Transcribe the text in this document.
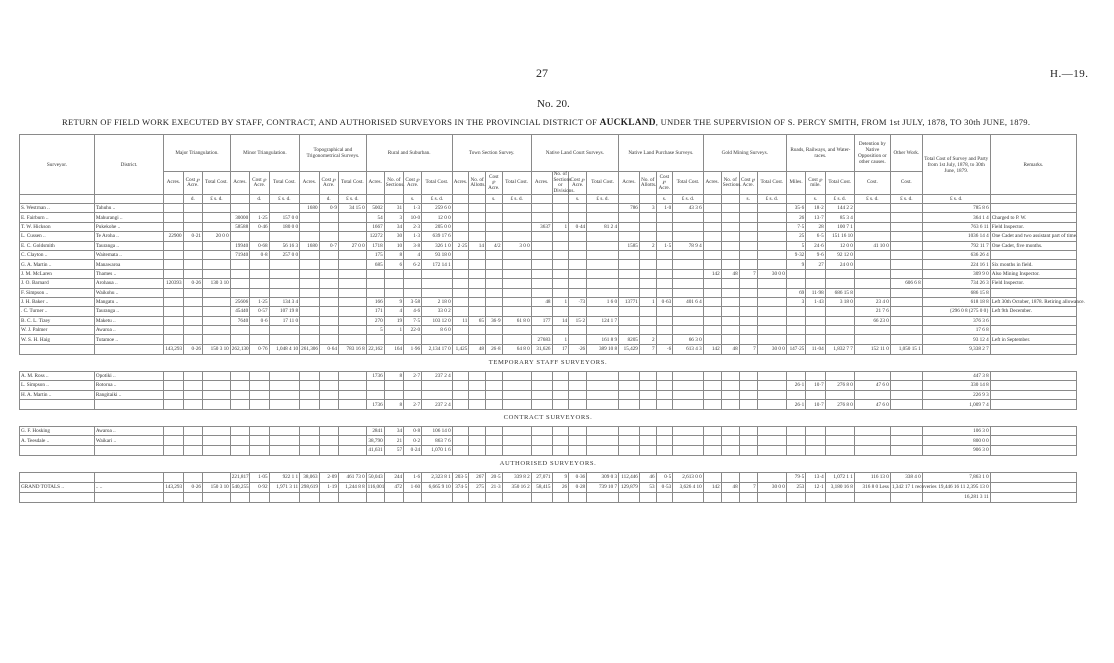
27	H.—19.
No. 20.
RETURN OF FIELD WORK EXECUTED BY STAFF, CONTRACT, AND AUTHORISED SURVEYORS IN THE PROVINCIAL DISTRICT OF AUCKLAND, UNDER THE SUPERVISION OF S. PERCY SMITH, FROM 1st JULY, 1878, TO 30th JUNE, 1879.
Surveyor.	District.	Major Triangulation.			Minor Triangulation.			Topographical and Trigonometrical Surveys.			Rural and Suburban.				Town Section Survey.				Native Land Court Surveys.				Native Land Purchase Surveys.				Gold Mining Surveys.				Roads, Railways, and Water-races.			Detention by Native Opposition or other causes.	Other Work.	Total Cost of Survey and Party from 1st July, 1878, to 30th June, 1879.	Remarks.
		Acres.	Cost ℘ Acre.	Total Cost.	Acres.	Cost ℘ Acre.	Total Cost.	Acres.	Cost ℘ Acre.	Total Cost.	Acres.	No. of Sections.	Cost ℘ Acre.	Total Cost.	Acres.	No. of Allotts.	Cost ℘ Acre.	Total Cost.	Acres.	No. of Sections or Divisions.	Cost ℘ Acre.	Total Cost.	Acres.	No. of Allotts.	Cost ℘ Acre.	Total Cost.	Acres.	No. of Sections.	Cost ℘ Acre.	Total Cost.	Miles.	Cost ℘ mile.	Total Cost.	Cost.	Cost.		
			d.	£ s. d.		d.	£ s. d.		d.	£ s. d.			s.	£ s. d.			s.	£ s. d.			s.	£ s. d.			s.	£ s. d.			s.	£ s. d.		s.	£ s. d.	£ s. d.	£ s. d.	£ s. d.	
S. Westrnan ..	Tahuhu ..							1680	0·9	34 15 0	5002	31	1·3	259 6 0									786	3	1·0	43 3 6					35·6	18·2	144 2 2			785 8 6	
E. Fairburn ..	Mahurangi ..				30000	1·25	157 0 0				54	3	10·0	12 0 0																	26	13·7	85 3 4			364 1 4	Charged to P. W.
T. W. Hickson	Pukekohe ..				58588	0·46	180 0 0				1667	34	2·3	205 0 0					3637	1	0·44	81 2 4									7·5	28	100 7 1			763 6 11	Field Inspector.
L. Cussen ..	Te Aroha ..	22900	0·21	20 0 0							12272	30	1·3	639 17 6																	25	6·5	151 16 10			1036 14 4	One Cadet and two assistant part of time.
E. C. Goldsmith	Tauranga ..				19940	0·68	56 16 3	1680	0·7	27 0 0	1718	10	3·8	326 1 0	2·25	14	4/2	3 0 0					1585	2	1·5	78 9 4					5	24·6	12 0 0	41 10 0		792 11 7	One Cadet, five months.
C. Clayton ..	Waitemata ..				71940	0·8	257 0 0				175	8	4	93 18 0																	9·32	9·6	92 12 0			636 26 4	
G. A. Martin ..	Manawaroa										685	6	6·2	172 14 1																	9	27	24 0 0			224 16 1	Six months in field.
J. M. McLaren	Thames ..																										142	48	7	30 0 0						309 9 0	Also Mining Inspector.
J. O. Barnard	Arohaua ..	120393	0·26	130 3 10																															606 6 8	734 26 3	Field Inspector.
F. Simpson ..	Waikohu ..																														69	11·98	686 15 8			686 15 8	
J. H. Baker ..	Mangatu ..				25606	1·25	134 3 4				166	9	3·58	2 18 0					48	1	·73	1 6 0	13771	1	0·63	401 6 4					3	1·43	3 18 0	23 4 0		618 18 8	Left 30th October, 1878. Retiring allowance.
. C. Turner ..	Tauranga ..				45440	0·57	107 19 8				171	4	4·6	33 0 2																				21 7 6		{296 0 8 (275 0 0}	Left 9th December.
B. C. L. Tizey	Maketu ..				7640	0·6	17 11 0				270	19	7·5	103 12 0	11	65	36·9	61 8 0	177	14	15·2	124 1 7												66 23 0		376 3 6	
W. J. Palmer	Awaroa ..										5	1	22·0	8 6 0																						17 6 8	
W. S. H. Haig	Tutamoe ..																		27683	1		161 8 9	8205	2		66 3 0										93 12 4	Left in September.
		143,293	0·26	150 3 10	262,130	0·76	1,048 4 10	261,306	0·64	783 16 8	22,162	164	1·96	2,134 17 0	1,425	48	26·8	64 8 0	31,626	17	·26	389 10 8	15,429	7	·6	613 4 3	142	48	7	30 0 0	147·25	11·04	1,832 7 7	152 11 0	1,050 15 1	9,338 2 7	
TEMPORARY STAFF SURVEYORS.																																					
A. M. Ross ..	Opotiki ..										1736	8	2·7	237 2 4																						447 3 8	
L. Simpson ..	Rotorua ..																														26·1	10·7	276 8 0	47 6 0		330 14 8	
H. A. Martin ..	Rangitaiki ..																																			226 9 3	
											1736	8	2·7	237 2 4																	26·1	10·7	276 8 0	47 6 0		1,009 7 4	
CONTRACT SURVEYORS.																																					
G. F. Hosking	Awaroa ..										2841	34	0·8	106 14 0																						106 3 0	
A. Teesdale ..	Waikari ..										38,790	21	0·2	863 7 6																						800 0 0	
											41,631	57	0·24	1,070 1 6																						906 3 0	
AUTHORISED SURVEYORS.																																					
					221,817	1·05	922 1 1	38,063	2·09	461 73 0	50,043	244	1·6	2,323 8 1	203·5	267	20·5	339 8 2	27,071	9	0·36	309 0 3	112,446	46	0·5	2,613 0 0					79·5	13·4	1,072 1 1	116 13 0	338 4 0	7,863 1 0	
GRAND TOTALS ..	.. ..	143,293	0·26	150 3 10	540,255	0·92	1,971 3 11	298,619	1·19	1,244 8 8	116,001	472	1·60	6,665 9 10	374·5	275	21·3	350 16 2	58,415	26	0·28	739 10 7	129,879	53	0·53	3,626 4 10	142	48	7	30 0 0	253	12·1	3,180 16 8	316 8 0 Less	1,342 17 1 recoveries	19,446 16 11 2,395 13 0	
																																				16,281 3 11	
